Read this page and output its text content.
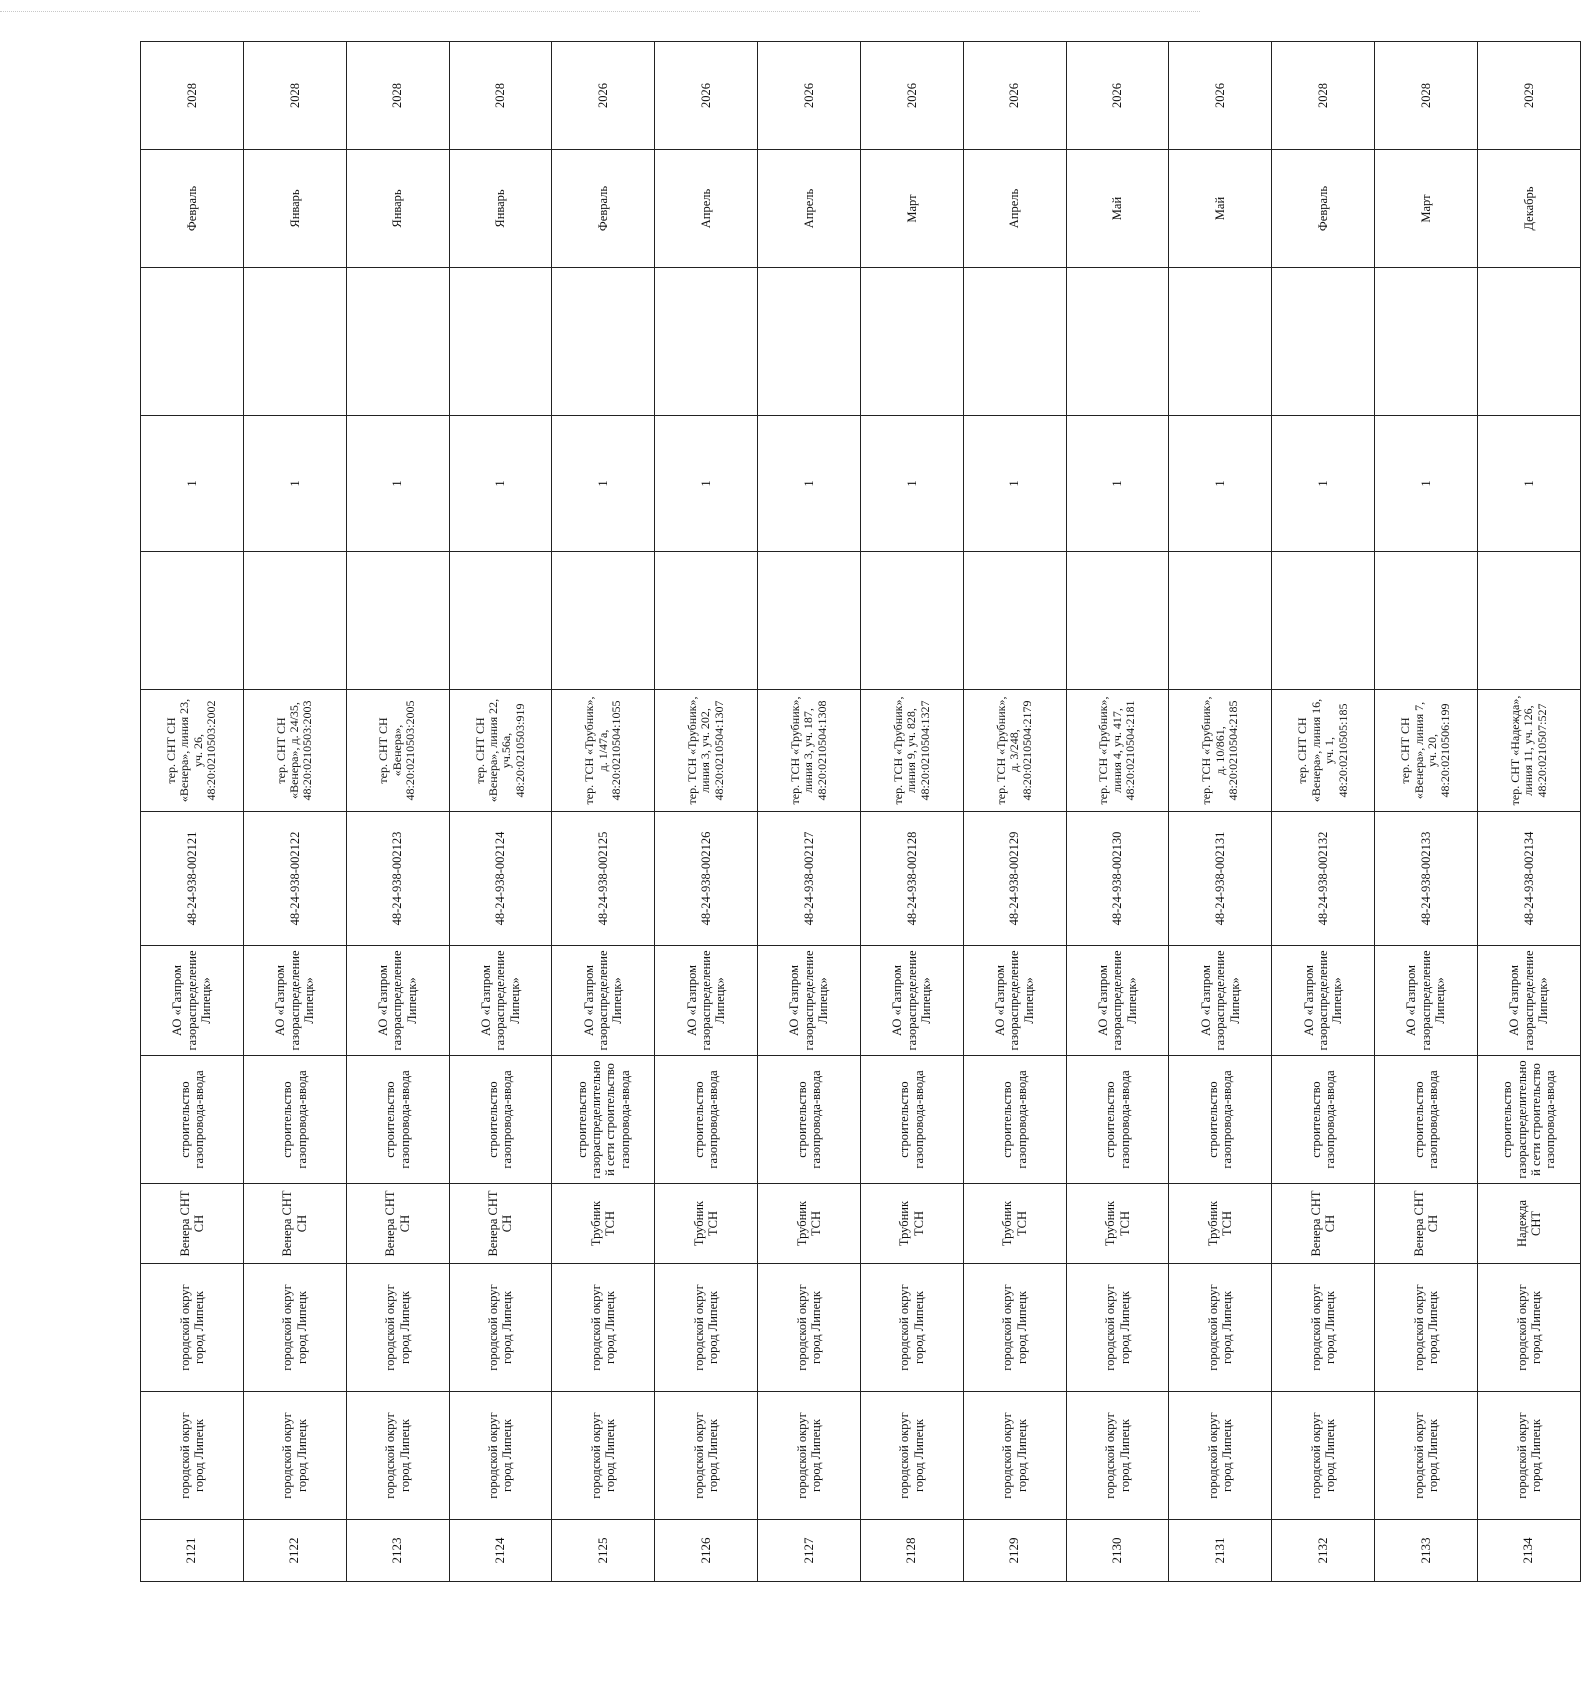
2121	городской округ город Липецк	городской округ город Липецк	Венера СНТ СН	строительство газопровода-ввода	АО «Газпром газораспределение Липецк»	48-24-938-002121	тер. СНТ СН «Венера», линия 23, уч. 26, 48:20:0210503:2002		1		Февраль	2028
2122	городской округ город Липецк	городской округ город Липецк	Венера СНТ СН	строительство газопровода-ввода	АО «Газпром газораспределение Липецк»	48-24-938-002122	тер. СНТ СН «Венера», д. 24/35, 48:20:0210503:2003		1		Январь	2028
2123	городской округ город Липецк	городской округ город Липецк	Венера СНТ СН	строительство газопровода-ввода	АО «Газпром газораспределение Липецк»	48-24-938-002123	тер. СНТ СН «Венера», 48:20:0210503:2005		1		Январь	2028
2124	городской округ город Липецк	городской округ город Липецк	Венера СНТ СН	строительство газопровода-ввода	АО «Газпром газораспределение Липецк»	48-24-938-002124	тер. СНТ СН «Венера», линия 22, уч.56а, 48:20:0210503:919		1		Январь	2028
2125	городской округ город Липецк	городской округ город Липецк	Трубник ТСН	строительство газораспределительной сети строительство газопровода-ввода	АО «Газпром газораспределение Липецк»	48-24-938-002125	тер. ТСН «Трубник», д. 1/47а, 48:20:0210504:1055		1		Февраль	2026
2126	городской округ город Липецк	городской округ город Липецк	Трубник ТСН	строительство газопровода-ввода	АО «Газпром газораспределение Липецк»	48-24-938-002126	тер. ТСН «Трубник», линия 3, уч. 202, 48:20:0210504:1307		1		Апрель	2026
2127	городской округ город Липецк	городской округ город Липецк	Трубник ТСН	строительство газопровода-ввода	АО «Газпром газораспределение Липецк»	48-24-938-002127	тер. ТСН «Трубник», линия 3, уч. 187, 48:20:0210504:1308		1		Апрель	2026
2128	городской округ город Липецк	городской округ город Липецк	Трубник ТСН	строительство газопровода-ввода	АО «Газпром газораспределение Липецк»	48-24-938-002128	тер. ТСН «Трубник», линия 9, уч. 828, 48:20:0210504:1327		1		Март	2026
2129	городской округ город Липецк	городской округ город Липецк	Трубник ТСН	строительство газопровода-ввода	АО «Газпром газораспределение Липецк»	48-24-938-002129	тер. ТСН «Трубник», д. 3/248, 48:20:0210504:2179		1		Апрель	2026
2130	городской округ город Липецк	городской округ город Липецк	Трубник ТСН	строительство газопровода-ввода	АО «Газпром газораспределение Липецк»	48-24-938-002130	тер. ТСН «Трубник», линия 4, уч. 417, 48:20:0210504:2181		1		Май	2026
2131	городской округ город Липецк	городской округ город Липецк	Трубник ТСН	строительство газопровода-ввода	АО «Газпром газораспределение Липецк»	48-24-938-002131	тер. ТСН «Трубник», д. 10/861, 48:20:0210504:2185		1		Май	2026
2132	городской округ город Липецк	городской округ город Липецк	Венера СНТ СН	строительство газопровода-ввода	АО «Газпром газораспределение Липецк»	48-24-938-002132	тер. СНТ СН «Венера», линия 16, уч. 1, 48:20:0210505:185		1		Февраль	2028
2133	городской округ город Липецк	городской округ город Липецк	Венера СНТ СН	строительство газопровода-ввода	АО «Газпром газораспределение Липецк»	48-24-938-002133	тер. СНТ СН «Венера», линия 7, уч. 20, 48:20:0210506:199		1		Март	2028
2134	городской округ город Липецк	городской округ город Липецк	Надежда СНТ	строительство газораспределительной сети строительство газопровода-ввода	АО «Газпром газораспределение Липецк»	48-24-938-002134	тер. СНТ «Надежда», линия 11, уч. 126, 48:20:0210507:527		1		Декабрь	2029
